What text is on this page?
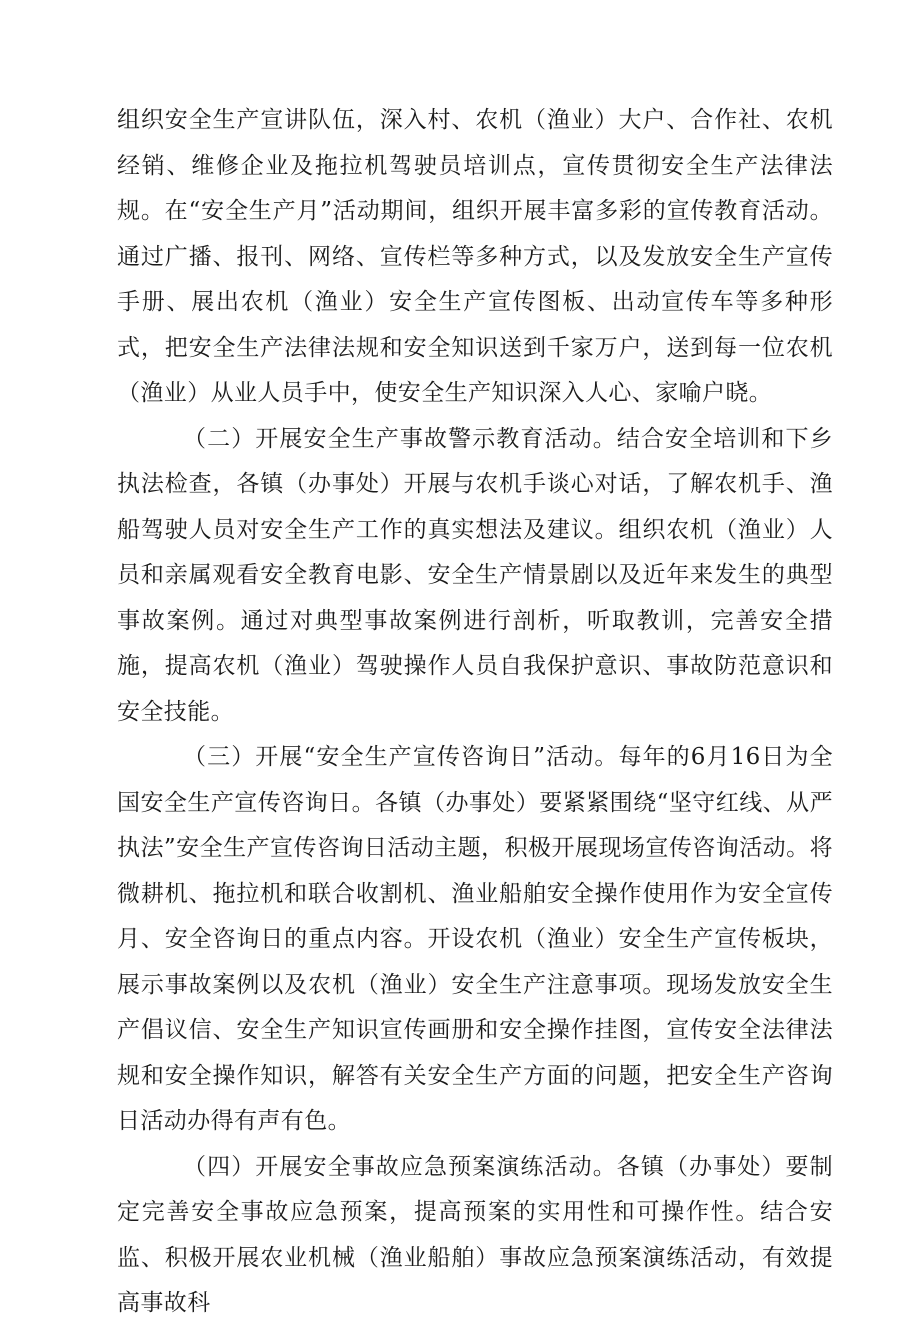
组织安全生产宣讲队伍，深入村、农机（渔业）大户、合作社、农机经销、维修企业及拖拉机驾驶员培训点，宣传贯彻安全生产法律法规。在“安全生产月”活动期间，组织开展丰富多彩的宣传教育活动。通过广播、报刊、网络、宣传栏等多种方式，以及发放安全生产宣传手册、展出农机（渔业）安全生产宣传图板、出动宣传车等多种形式，把安全生产法律法规和安全知识送到千家万户，送到每一位农机（渔业）从业人员手中，使安全生产知识深入人心、家喻户晓。

（二）开展安全生产事故警示教育活动。结合安全培训和下乡执法检查，各镇（办事处）开展与农机手谈心对话，了解农机手、渔船驾驶人员对安全生产工作的真实想法及建议。组织农机（渔业）人员和亲属观看安全教育电影、安全生产情景剧以及近年来发生的典型事故案例。通过对典型事故案例进行剖析，听取教训，完善安全措施，提高农机（渔业）驾驶操作人员自我保护意识、事故防范意识和安全技能。

（三）开展“安全生产宣传咨询日”活动。每年的6月16日为全国安全生产宣传咨询日。各镇（办事处）要紧紧围绕“坚守红线、从严执法”安全生产宣传咨询日活动主题，积极开展现场宣传咨询活动。将微耕机、拖拉机和联合收割机、渔业船舶安全操作使用作为安全宣传月、安全咨询日的重点内容。开设农机（渔业）安全生产宣传板块，展示事故案例以及农机（渔业）安全生产注意事项。现场发放安全生产倡议信、安全生产知识宣传画册和安全操作挂图，宣传安全法律法规和安全操作知识，解答有关安全生产方面的问题，把安全生产咨询日活动办得有声有色。

（四）开展安全事故应急预案演练活动。各镇（办事处）要制定完善安全事故应急预案，提高预案的实用性和可操作性。结合安监、积极开展农业机械（渔业船舶）事故应急预案演练活动，有效提高事故科
